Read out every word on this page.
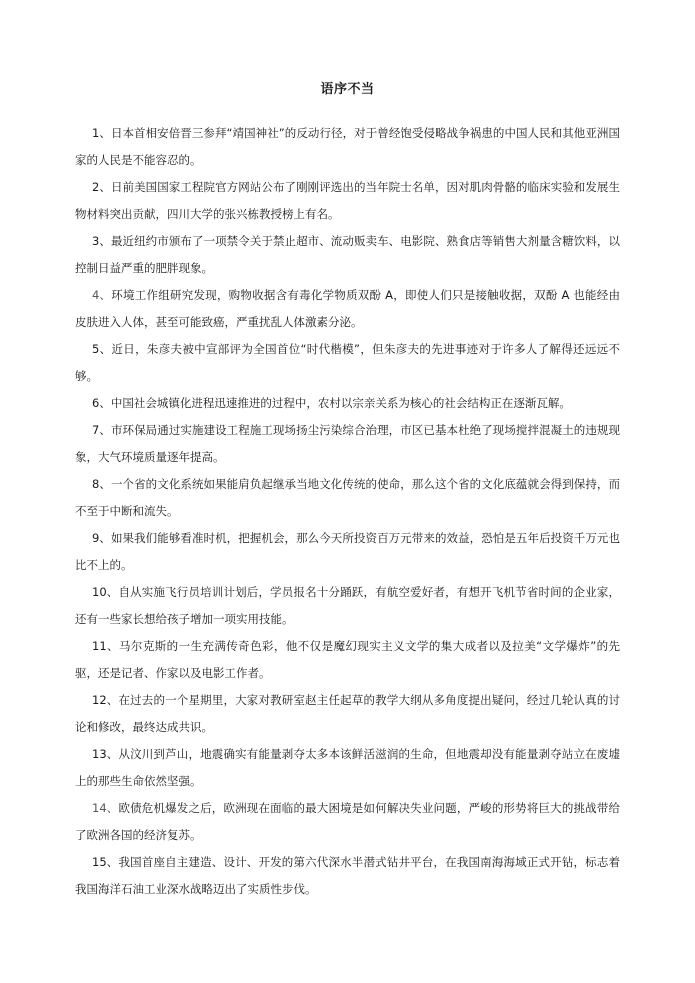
语序不当

1、日本首相安倍晋三参拜“靖国神社”的反动行径，对于曾经饱受侵略战争祸患的中国人民和其他亚洲国家的人民是不能容忍的。

2、日前美国国家工程院官方网站公布了刚刚评选出的当年院士名单，因对肌肉骨骼的临床实验和发展生物材料突出贡献，四川大学的张兴栋教授榜上有名。

3、最近纽约市颁布了一项禁令关于禁止超市、流动贩卖车、电影院、熟食店等销售大剂量含糖饮料，以控制日益严重的肥胖现象。

4、环境工作组研究发现，购物收据含有毒化学物质双酚 A，即使人们只是接触收据，双酚 A 也能经由皮肤进入人体，甚至可能致癌，严重扰乱人体激素分泌。

5、近日，朱彦夫被中宣部评为全国首位“时代楷模”，但朱彦夫的先进事迹对于许多人了解得还远远不够。

6、中国社会城镇化进程迅速推进的过程中，农村以宗亲关系为核心的社会结构正在逐渐瓦解。

7、市环保局通过实施建设工程施工现场扬尘污染综合治理，市区已基本杜绝了现场搅拌混凝土的违规现象，大气环境质量逐年提高。

8、一个省的文化系统如果能肩负起继承当地文化传统的使命，那么这个省的文化底蕴就会得到保持，而不至于中断和流失。

9、如果我们能够看准时机，把握机会，那么今天所投资百万元带来的效益，恐怕是五年后投资千万元也比不上的。

10、自从实施飞行员培训计划后，学员报名十分踊跃，有航空爱好者，有想开飞机节省时间的企业家，还有一些家长想给孩子增加一项实用技能。

11、马尔克斯的一生充满传奇色彩，他不仅是魔幻现实主义文学的集大成者以及拉美“文学爆炸”的先驱，还是记者、作家以及电影工作者。

12、在过去的一个星期里，大家对教研室赵主任起草的教学大纲从多角度提出疑问，经过几轮认真的讨论和修改，最终达成共识。

13、从汶川到芦山，地震确实有能量剥夺太多本该鲜活滋润的生命，但地震却没有能量剥夺站立在废墟上的那些生命依然坚强。

14、欧债危机爆发之后，欧洲现在面临的最大困境是如何解决失业问题，严峻的形势将巨大的挑战带给了欧洲各国的经济复苏。

15、我国首座自主建造、设计、开发的第六代深水半潜式钻井平台，在我国南海海域正式开钻，标志着我国海洋石油工业深水战略迈出了实质性步伐。
